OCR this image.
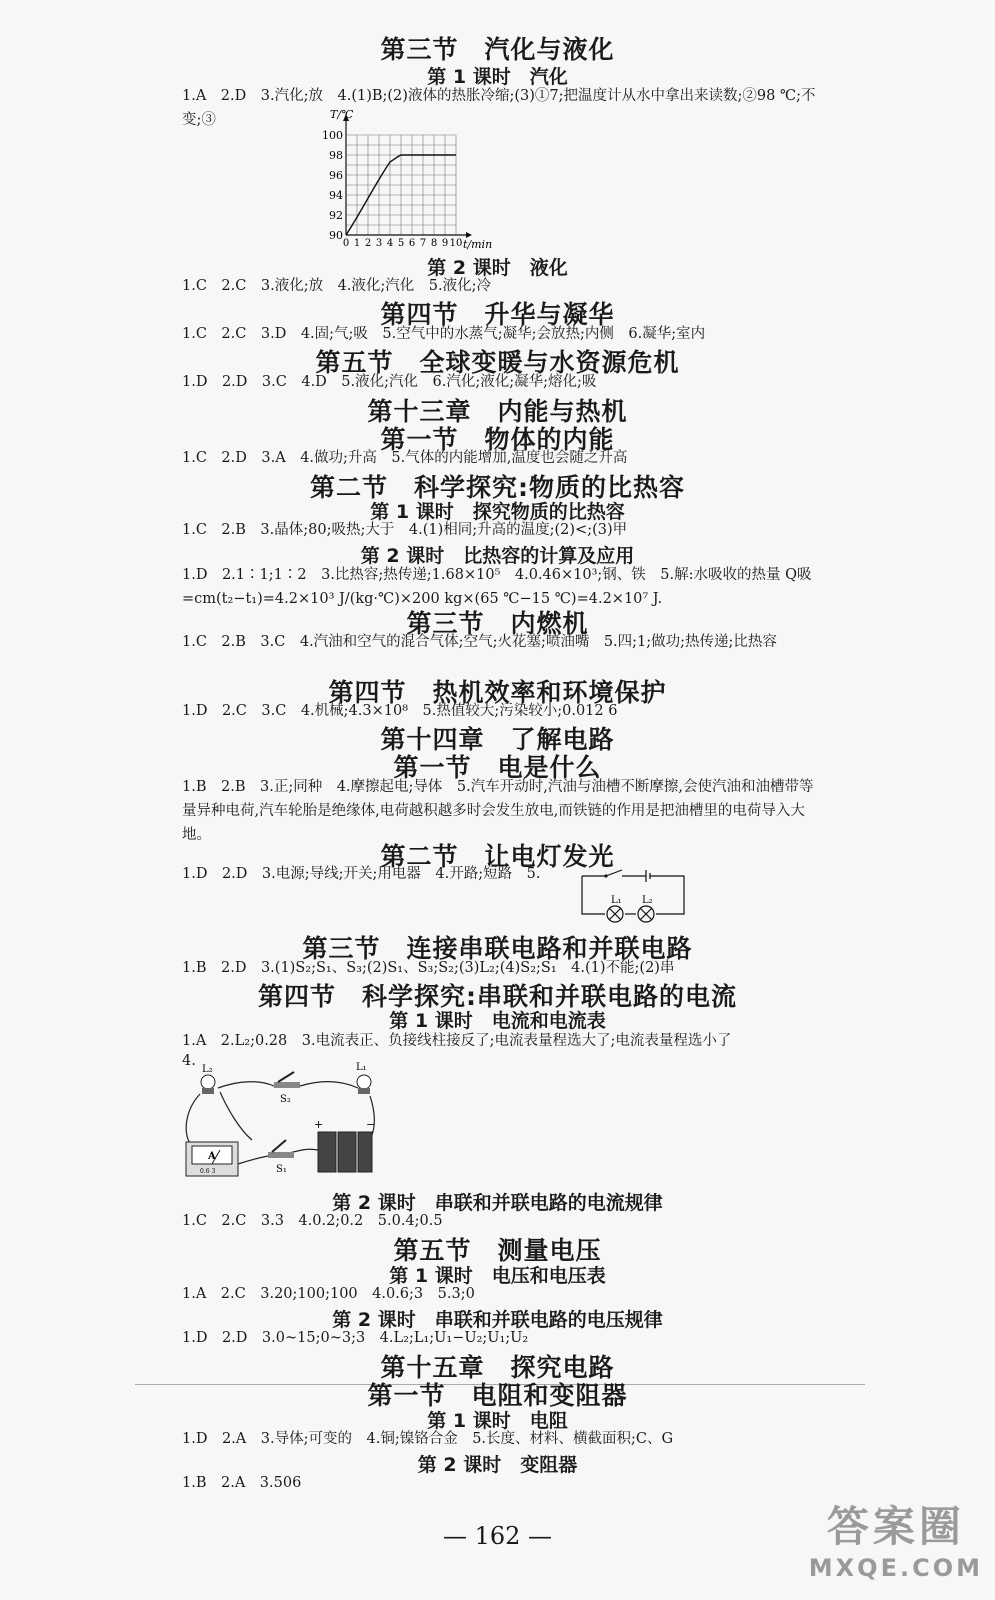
第三节　汽化与液化
第 1 课时　汽化
1.A　2.D　3.汽化;放　4.(1)B;(2)液体的热胀冷缩;(3)①7;把温度计从水中拿出来读数;②98 ℃;不变;③	T/℃
t/min
90
92
94
96
98
100
0 1 2 3 4 5 6 7 8 9 10
第 2 课时　液化
1.C　2.C　3.液化;放　4.液化;汽化　5.液化;冷
第四节　升华与凝华
1.C　2.C　3.D　4.固;气;吸　5.空气中的水蒸气;凝华;会放热;内侧　6.凝华;室内
第五节　全球变暖与水资源危机
1.D　2.D　3.C　4.D　5.液化;汽化　6.汽化;液化;凝华;熔化;吸
第十三章　内能与热机
第一节　物体的内能
1.C　2.D　3.A　4.做功;升高　5.气体的内能增加,温度也会随之升高
第二节　科学探究:物质的比热容
第 1 课时　探究物质的比热容
1.C　2.B　3.晶体;80;吸热;大于　4.(1)相同;升高的温度;(2)<;(3)甲
第 2 课时　比热容的计算及应用
1.D　2.1∶1;1∶2　3.比热容;热传递;1.68×10⁵　4.0.46×10³;钢、铁　5.解:水吸收的热量 Q吸=cm(t₂−t₁)=4.2×10³ J/(kg·℃)×200 kg×(65 ℃−15 ℃)=4.2×10⁷ J.
第三节　内燃机
1.C　2.B　3.C　4.汽油和空气的混合气体;空气;火花塞;喷油嘴　5.四;1;做功;热传递;比热容
第四节　热机效率和环境保护
1.D　2.C　3.C　4.机械;4.3×10⁸　5.热值较大;污染较小;0.012 6
第十四章　了解电路
第一节　电是什么
1.B　2.B　3.正;同种　4.摩擦起电;导体　5.汽车开动时,汽油与油槽不断摩擦,会使汽油和油槽带等量异种电荷,汽车轮胎是绝缘体,电荷越积越多时会发生放电,而铁链的作用是把油槽里的电荷导入大地。
第二节　让电灯发光
1.D　2.D　3.电源;导线;开关;用电器　4.开路;短路　5.
L₁ L₂
第三节　连接串联电路和并联电路
1.B　2.D　3.(1)S₂;S₁、S₃;(2)S₁、S₃;S₂;(3)L₂;(4)S₂;S₁　4.(1)不能;(2)串
第四节　科学探究:串联和并联电路的电流
第 1 课时　电流和电流表
1.A　2.L₂;0.28　3.电流表正、负接线柱接反了;电流表量程选大了;电流表量程选小了
4.
L₂	L₁
S₂
S₁
A
0.6 3
+	−
第 2 课时　串联和并联电路的电流规律
1.C　2.C　3.3　4.0.2;0.2　5.0.4;0.5
第五节　测量电压
第 1 课时　电压和电压表
1.A　2.C　3.20;100;100　4.0.6;3　5.3;0
第 2 课时　串联和并联电路的电压规律
1.D　2.D　3.0~15;0~3;3　4.L₂;L₁;U₁−U₂;U₁;U₂
第十五章　探究电路
第一节　电阻和变阻器
第 1 课时　电阻
1.D　2.A　3.导体;可变的　4.铜;镍铬合金　5.长度、材料、横截面积;C、G
第 2 课时　变阻器
1.B　2.A　3.506
— 162 —	答案圈
MXQE.COM
